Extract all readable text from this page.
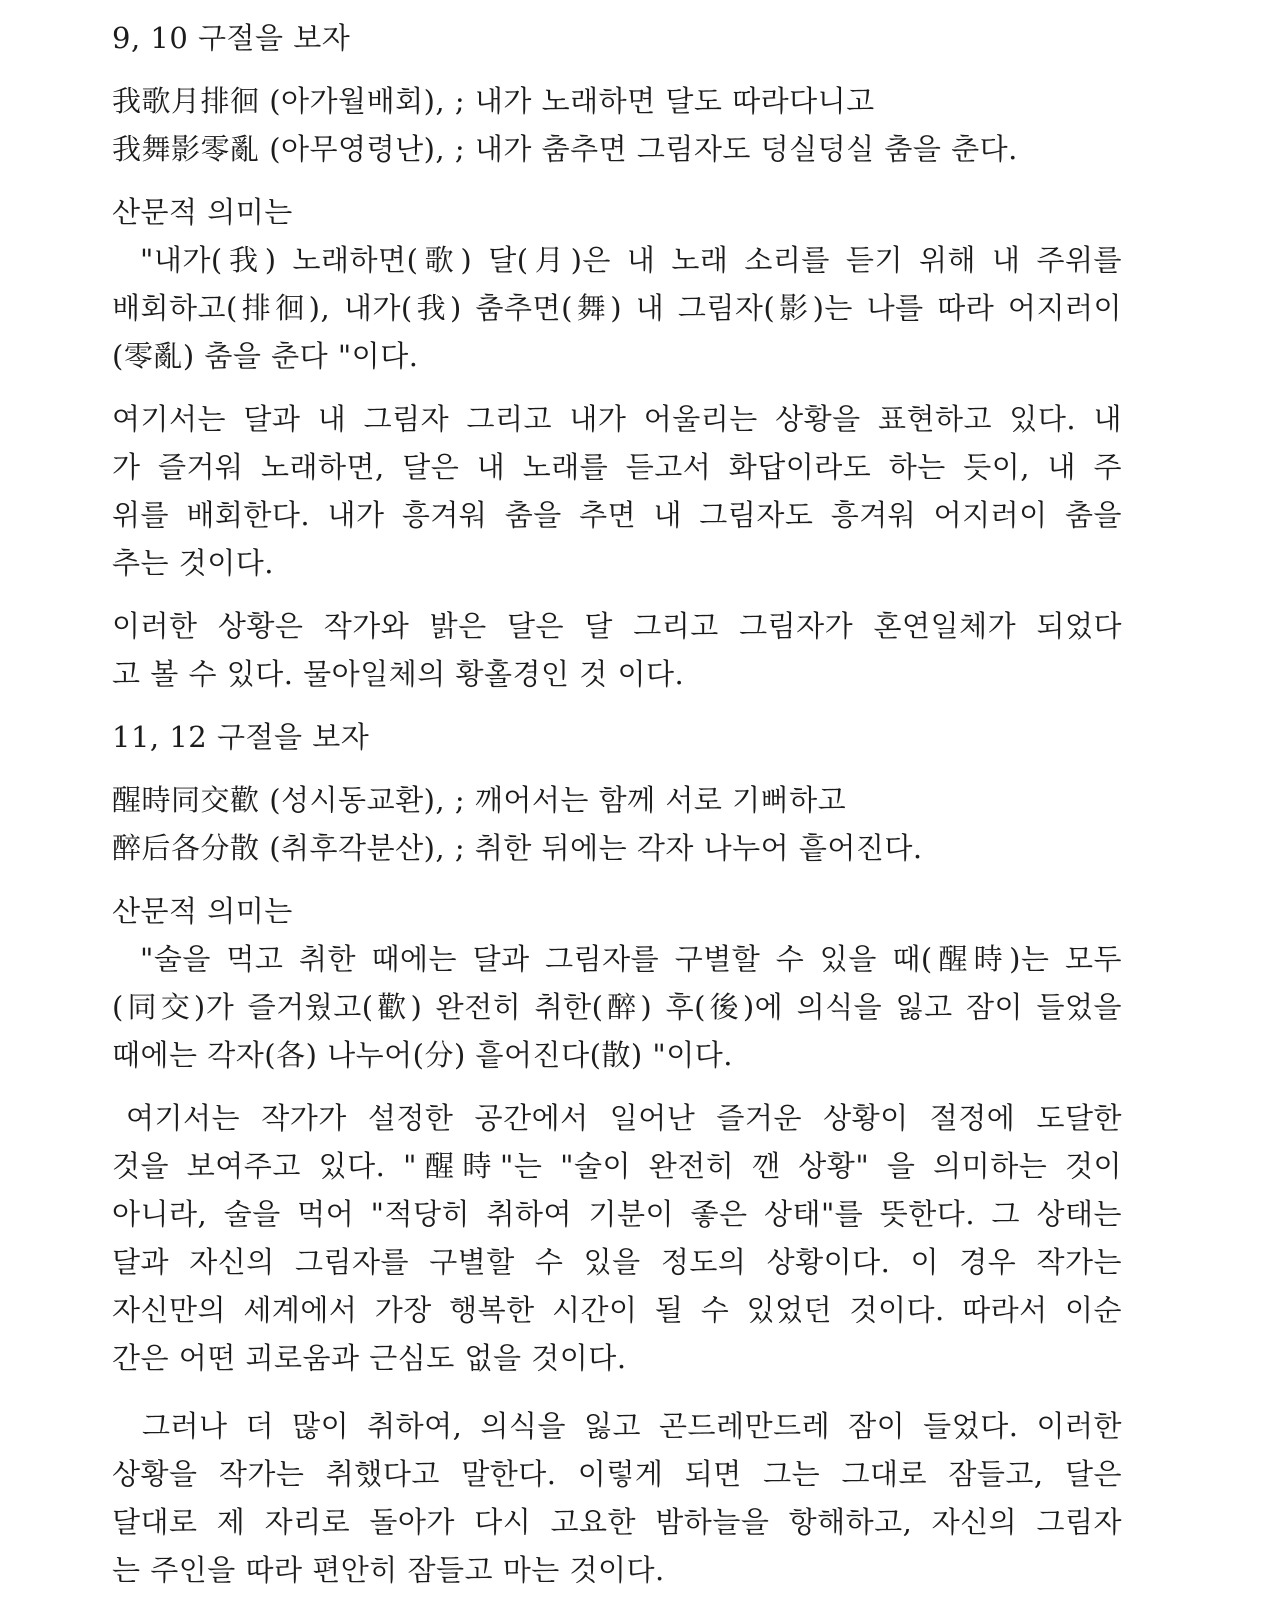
9, 10 구절을 보자
我歌月排徊 (아가월배회), ; 내가 노래하면 달도 따라다니고
我舞影零亂 (아무영령난), ; 내가 춤추면 그림자도 덩실덩실 춤을 춘다.
산문적 의미는
"내가(我) 노래하면(歌) 달(月)은 내 노래 소리를 듣기 위해 내 주위를
배회하고(排徊), 내가(我) 춤추면(舞) 내 그림자(影)는 나를 따라 어지러이
(零亂) 춤을 춘다 "이다.
여기서는 달과 내 그림자 그리고 내가 어울리는 상황을 표현하고 있다. 내
가 즐거워 노래하면, 달은 내 노래를 듣고서 화답이라도 하는 듯이, 내 주
위를 배회한다. 내가 흥겨워 춤을 추면 내 그림자도 흥겨워 어지러이 춤을
추는 것이다.
이러한 상황은 작가와 밝은 달은 달 그리고 그림자가 혼연일체가 되었다
고 볼 수 있다. 물아일체의 황홀경인 것 이다.
11, 12 구절을 보자
醒時同交歡 (성시동교환), ; 깨어서는 함께 서로 기뻐하고
醉后各分散 (취후각분산), ; 취한 뒤에는 각자 나누어 흩어진다.
산문적 의미는
"술을 먹고 취한 때에는 달과 그림자를 구별할 수 있을 때(醒時)는 모두
(同交)가 즐거웠고(歡) 완전히 취한(醉) 후(後)에 의식을 잃고 잠이 들었을
때에는 각자(各) 나누어(分) 흩어진다(散) "이다.
여기서는 작가가 설정한 공간에서 일어난 즐거운 상황이 절정에 도달한
것을 보여주고 있다. "醒時"는 "술이 완전히 깬 상황" 을 의미하는 것이
아니라, 술을 먹어 "적당히 취하여 기분이 좋은 상태"를 뜻한다. 그 상태는
달과 자신의 그림자를 구별할 수 있을 정도의 상황이다. 이 경우 작가는
자신만의 세계에서 가장 행복한 시간이 될 수 있었던 것이다. 따라서 이순
간은 어떤 괴로움과 근심도 없을 것이다.
그러나 더 많이 취하여, 의식을 잃고 곤드레만드레 잠이 들었다. 이러한
상황을 작가는 취했다고 말한다. 이렇게 되면 그는 그대로 잠들고, 달은
달대로 제 자리로 돌아가 다시 고요한 밤하늘을 항해하고, 자신의 그림자
는 주인을 따라 편안히 잠들고 마는 것이다.
